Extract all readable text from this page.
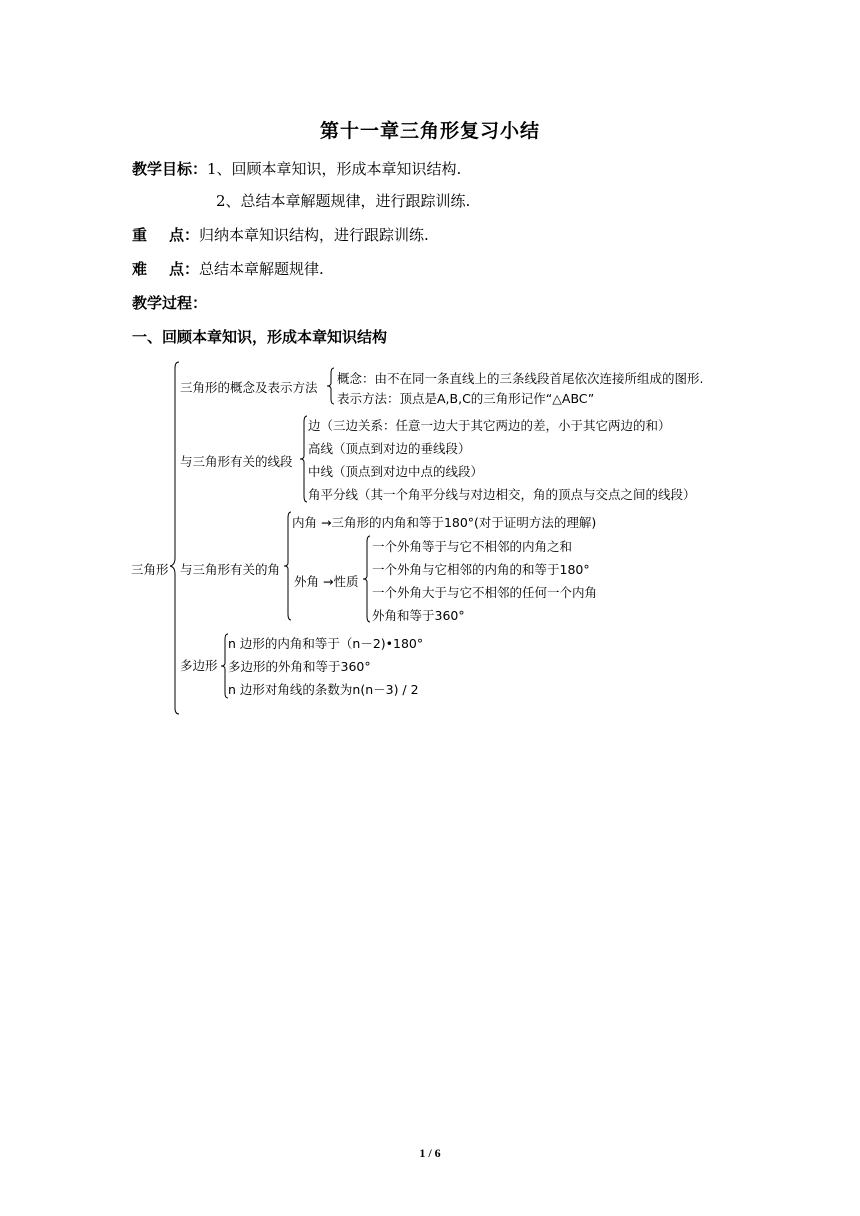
第十一章三角形复习小结
教学目标：1、回顾本章知识，形成本章知识结构.
2、总结本章解题规律，进行跟踪训练.
重 点：归纳本章知识结构，进行跟踪训练.
难 点：总结本章解题规律.
教学过程：
一、回顾本章知识，形成本章知识结构
三角形
三角形的概念及表示方法
概念：由不在同一条直线上的三条线段首尾依次连接所组成的图形.
表示方法：顶点是A,B,C的三角形记作“△ABC”
与三角形有关的线段
边（三边关系：任意一边大于其它两边的差，小于其它两边的和）
高线（顶点到对边的垂线段）
中线（顶点到对边中点的线段）
角平分线（其一个角平分线与对边相交，角的顶点与交点之间的线段）
与三角形有关的角
内角 →三角形的内角和等于180°(对于证明方法的理解)
外角 →性质
一个外角等于与它不相邻的内角之和
一个外角与它相邻的内角的和等于180°
一个外角大于与它不相邻的任何一个内角
外角和等于360°
多边形
n 边形的内角和等于（n－2)•180°
多边形的外角和等于360°
n 边形对角线的条数为n(n－3) / 2
1 / 6
